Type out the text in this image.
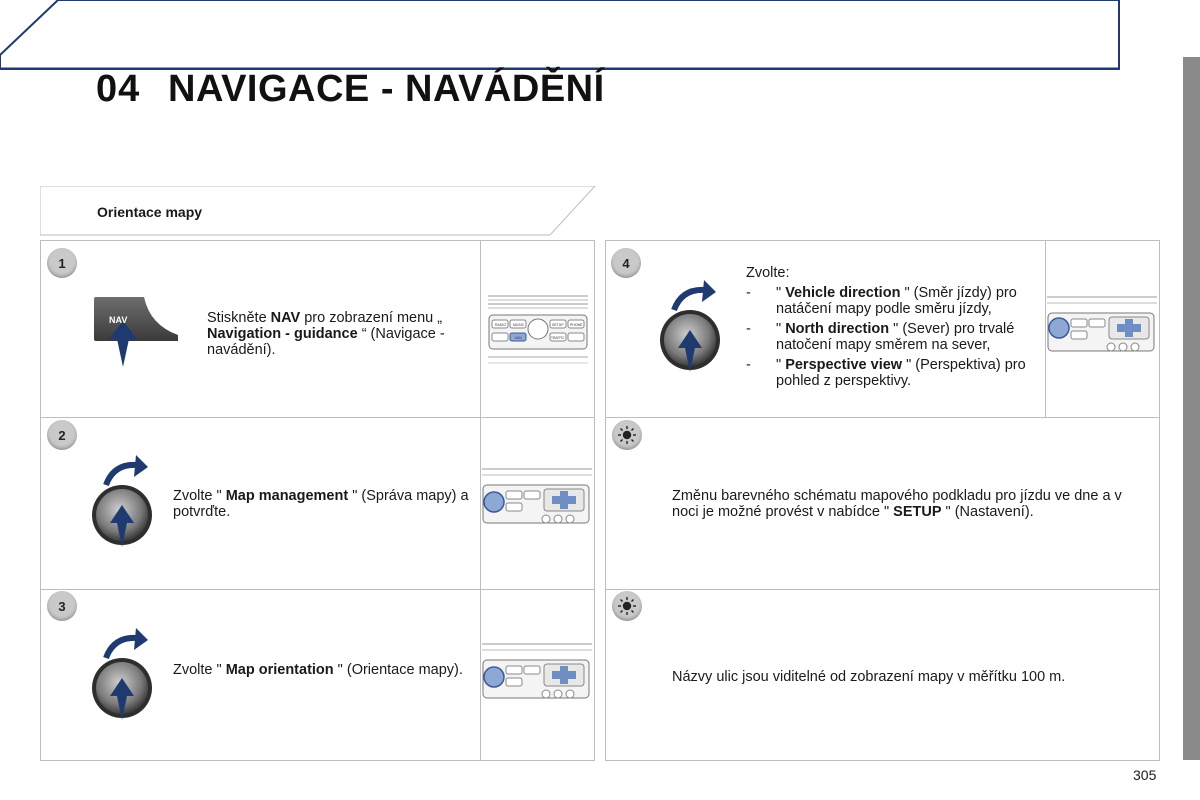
04 NAVIGACE - NAVÁDĚNÍ
Orientace mapy
1
2
3
4
NAV	Stiskněte NAV pro zobrazení menu „ Navigation - guidance “ (Navigace - navádění).
RADIO MUSIC	SETUP PHONE
NAV	TRAFFIC
Zvolte " Map management " (Správa mapy) a potvrďte.
Zvolte " Map orientation " (Orientace mapy).
Zvolte:
- " Vehicle direction " (Směr jízdy) pro natáčení mapy podle směru jízdy,
- " North direction " (Sever) pro trvalé natočení mapy směrem na sever,
- " Perspective view " (Perspektiva) pro pohled z perspektivy.
Změnu barevného schématu mapového podkladu pro jízdu ve dne a v noci je možné provést v nabídce " SETUP " (Nastavení).
Názvy ulic jsou viditelné od zobrazení mapy v měřítku 100 m.
305
